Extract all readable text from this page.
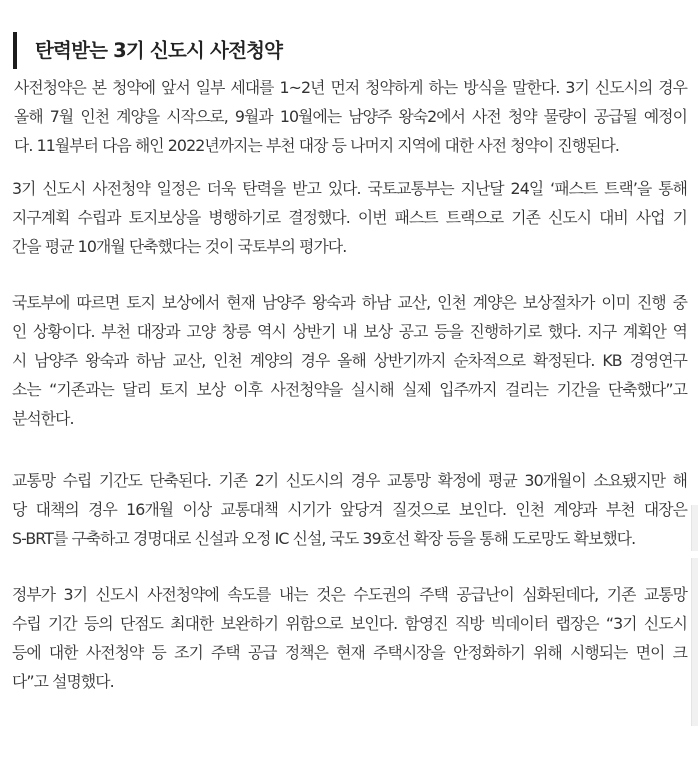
탄력받는 3기 신도시 사전청약
사전청약은 본 청약에 앞서 일부 세대를 1~2년 먼저 청약하게 하는 방식을 말한다. 3기 신도시의 경우
올해 7월 인천 계양을 시작으로, 9월과 10월에는 남양주 왕숙2에서 사전 청약 물량이 공급될 예정이
다. 11월부터 다음 해인 2022년까지는 부천 대장 등 나머지 지역에 대한 사전 청약이 진행된다.
3기 신도시 사전청약 일정은 더욱 탄력을 받고 있다. 국토교통부는 지난달 24일 ‘패스트 트랙’을 통해
지구계획 수립과 토지보상을 병행하기로 결정했다. 이번 패스트 트랙으로 기존 신도시 대비 사업 기
간을 평균 10개월 단축했다는 것이 국토부의 평가다.
국토부에 따르면 토지 보상에서 현재 남양주 왕숙과 하남 교산, 인천 계양은 보상절차가 이미 진행 중
인 상황이다. 부천 대장과 고양 창릉 역시 상반기 내 보상 공고 등을 진행하기로 했다. 지구 계획안 역
시 남양주 왕숙과 하남 교산, 인천 계양의 경우 올해 상반기까지 순차적으로 확정된다. KB 경영연구
소는 “기존과는 달리 토지 보상 이후 사전청약을 실시해 실제 입주까지 걸리는 기간을 단축했다”고
분석한다.
교통망 수립 기간도 단축된다. 기존 2기 신도시의 경우 교통망 확정에 평균 30개월이 소요됐지만 해
당 대책의 경우 16개월 이상 교통대책 시기가 앞당겨 질것으로 보인다. 인천 계양과 부천 대장은
S-BRT를 구축하고 경명대로 신설과 오정 IC 신설, 국도 39호선 확장 등을 통해 도로망도 확보했다.
정부가 3기 신도시 사전청약에 속도를 내는 것은 수도권의 주택 공급난이 심화된데다, 기존 교통망
수립 기간 등의 단점도 최대한 보완하기 위함으로 보인다. 함영진 직방 빅데이터 랩장은 “3기 신도시
등에 대한 사전청약 등 조기 주택 공급 정책은 현재 주택시장을 안정화하기 위해 시행되는 면이 크
다”고 설명했다.
